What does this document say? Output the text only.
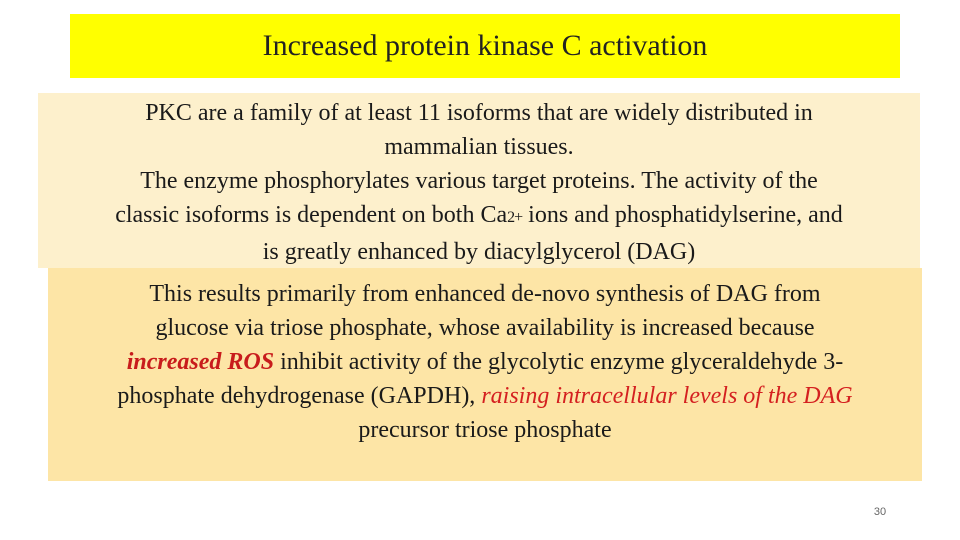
Increased protein kinase C activation
PKC are a family of at least 11 isoforms that are widely distributed in
mammalian tissues.
The enzyme phosphorylates various target proteins. The activity of the
classic isoforms is dependent on both Ca2+ ions and phosphatidylserine, and
is greatly enhanced by diacylglycerol (DAG)
This results primarily from enhanced de-novo synthesis of DAG from
glucose via triose phosphate, whose availability is increased because
increased ROS inhibit activity of the glycolytic enzyme glyceraldehyde 3-
phosphate dehydrogenase (GAPDH), raising intracellular levels of the DAG
precursor triose phosphate
30
